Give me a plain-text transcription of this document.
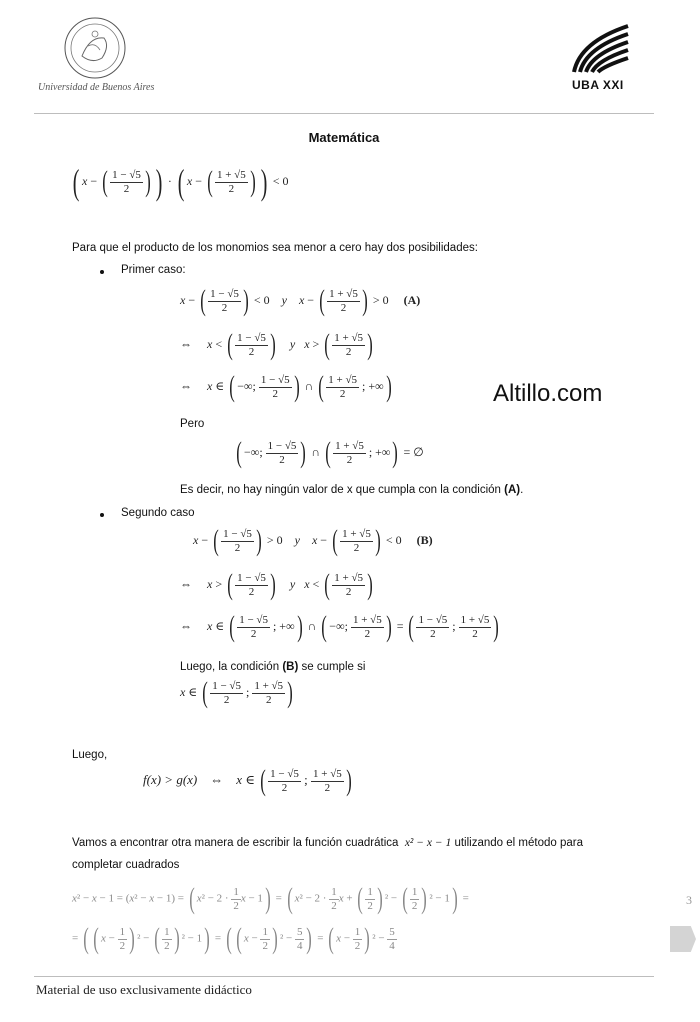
Universidad de Buenos Aires	UBA XXI
Matemática
( x − ( $\frac{1 - √5}{2}$ ) ) · ( x − ( $\frac{1 + √5}{2}$ ) ) < 0
Para que el producto de los monomios sea menor a cero hay dos posibilidades:
Primer caso:
x − ( $\frac{1 - √5}{2}$ ) < 0 y x − ( $\frac{1 + √5}{2}$ ) > 0 (A)
⇔ x < ( $\frac{1 - √5}{2}$ ) y x > ( $\frac{1 + √5}{2}$ )
⇔ x ∈ ( −∞; $\frac{1 - √5}{2}$ ) ∩ ( $\frac{1 + √5}{2}$ ; +∞)	Altillo.com
Pero
( −∞; $\frac{1 - √5}{2}$ ) ∩ ( $\frac{1 + √5}{2}$ ; +∞) = ∅
Es decir, no hay ningún valor de x que cumpla con la condición (A).
Segundo caso
x − ( $\frac{1 - √5}{2}$ ) > 0 y x − ( $\frac{1 + √5}{2}$ ) < 0 (B)
⇔ x > ( $\frac{1 - √5}{2}$ ) y x < ( $\frac{1 + √5}{2}$ )
⇔ x ∈ ( $\frac{1 - √5}{2}$ ; +∞) ∩ ( −∞; $\frac{1 + √5}{2}$ ) = ( $\frac{1 - √5}{2}$ ; $\frac{1 + √5}{2}$ )
Luego, la condición (B) se cumple si
x ∈ ( $\frac{1 - √5}{2}$ ; $\frac{1 + √5}{2}$ )
Luego,
f(x) > g(x) ⇔ x ∈ ( $\frac{1 - √5}{2}$ ; $\frac{1 + √5}{2}$ )
Vamos a encontrar otra manera de escribir la función cuadrática x² − x − 1 utilizando el método para
completar cuadrados
x² − x − 1 = (x² − x − 1) = ( $x^2 - 2 \cdot \frac{1}{2}$ x − 1) = ( $x^2 - 2 \cdot \frac{1}{2}$ x + ( $\frac{1}{2}$ ) ² − ( $\frac{1}{2}$ ) ² − 1) =	3
= ( ( $x - \frac{1}{2}$ ) ² − ( $\frac{1}{2}$ ) ² − 1) = ( ( $x - \frac{1}{2}$ ) $^2 - \frac{5}{4}$ ) = ( $x - \frac{1}{2}$ ) $^2 - \frac{5}{4}$
Material de uso exclusivamente didáctico
